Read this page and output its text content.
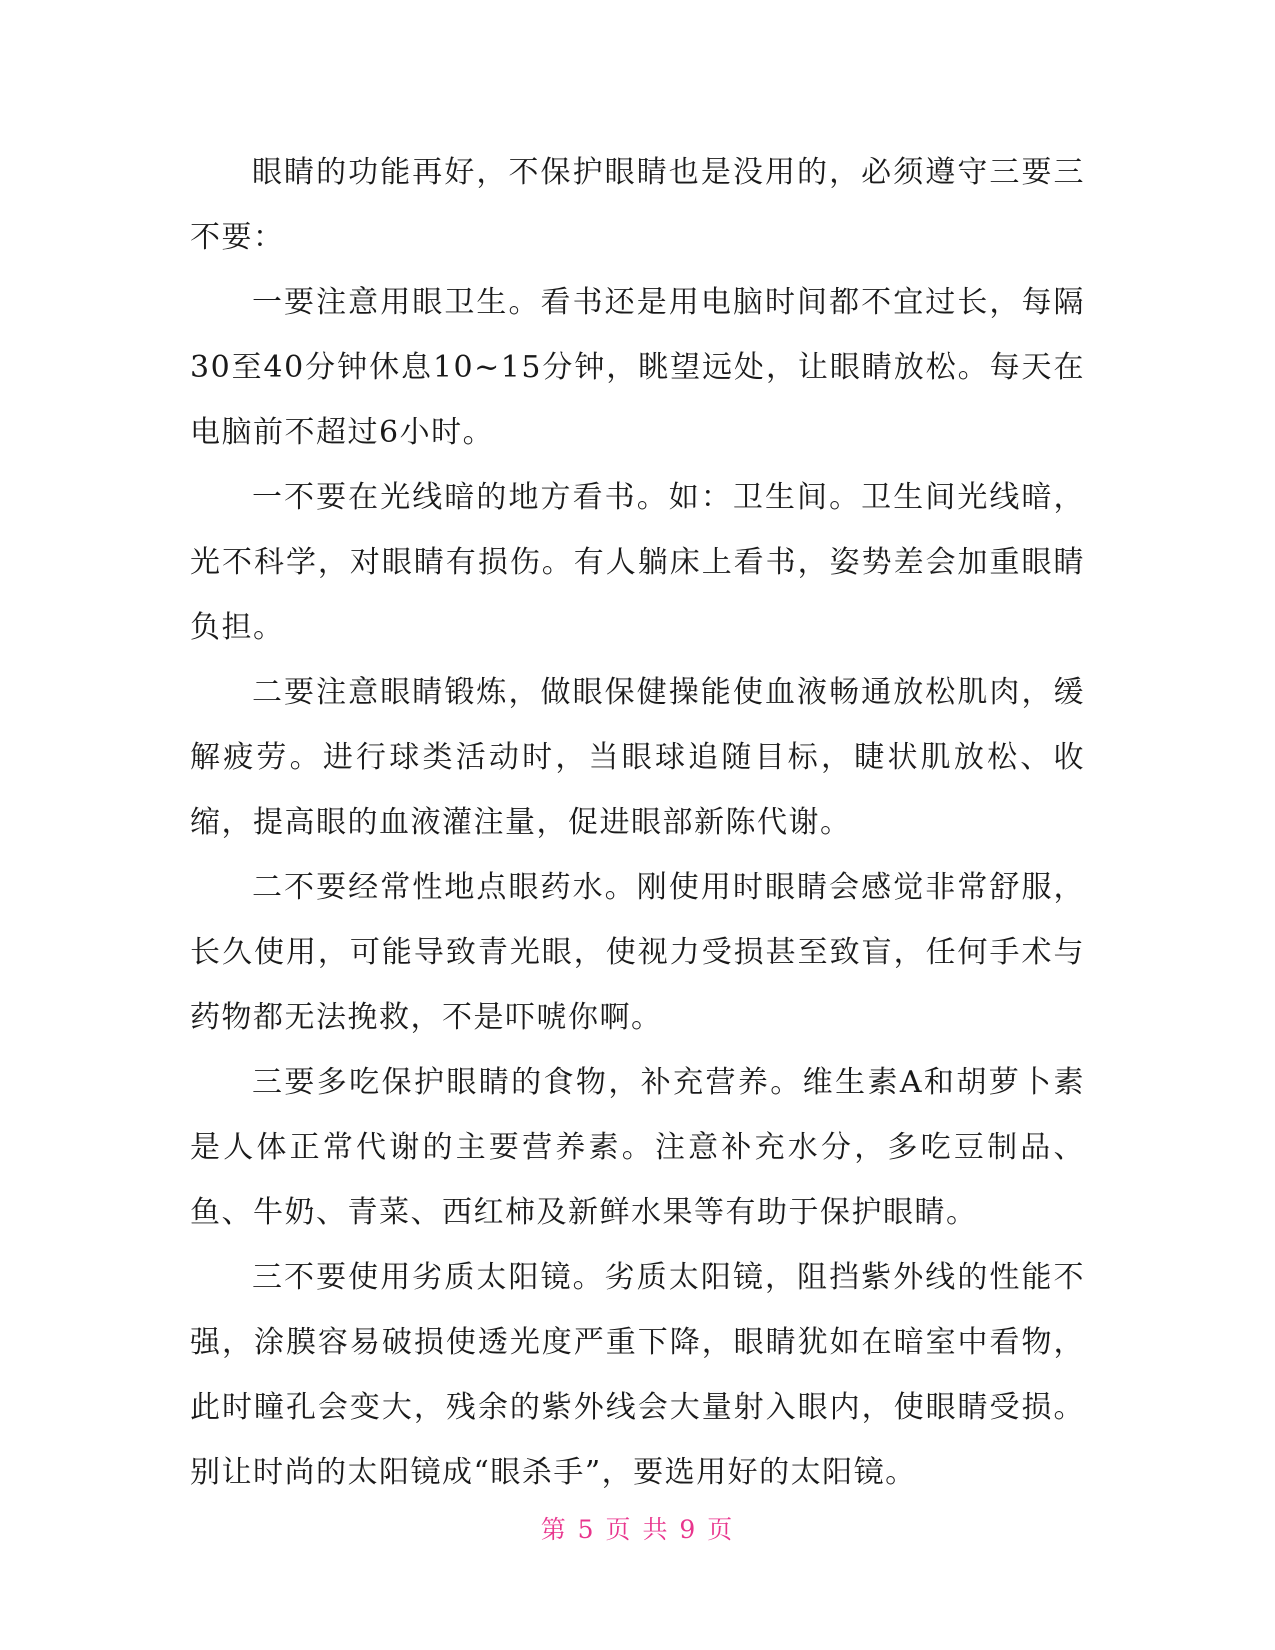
眼睛的功能再好，不保护眼睛也是没用的，必须遵守三要三不要：

一要注意用眼卫生。看书还是用电脑时间都不宜过长，每隔30至40分钟休息10~15分钟，眺望远处，让眼睛放松。每天在电脑前不超过6小时。

一不要在光线暗的地方看书。如：卫生间。卫生间光线暗，光不科学，对眼睛有损伤。有人躺床上看书，姿势差会加重眼睛负担。

二要注意眼睛锻炼，做眼保健操能使血液畅通放松肌肉，缓解疲劳。进行球类活动时，当眼球追随目标，睫状肌放松、收缩，提高眼的血液灌注量，促进眼部新陈代谢。

二不要经常性地点眼药水。刚使用时眼睛会感觉非常舒服，长久使用，可能导致青光眼，使视力受损甚至致盲，任何手术与药物都无法挽救，不是吓唬你啊。

三要多吃保护眼睛的食物，补充营养。维生素A和胡萝卜素是人体正常代谢的主要营养素。注意补充水分，多吃豆制品、鱼、牛奶、青菜、西红柿及新鲜水果等有助于保护眼睛。

三不要使用劣质太阳镜。劣质太阳镜，阻挡紫外线的性能不强，涂膜容易破损使透光度严重下降，眼睛犹如在暗室中看物，此时瞳孔会变大，残余的紫外线会大量射入眼内，使眼睛受损。别让时尚的太阳镜成“眼杀手”，要选用好的太阳镜。

第 5 页 共 9 页
